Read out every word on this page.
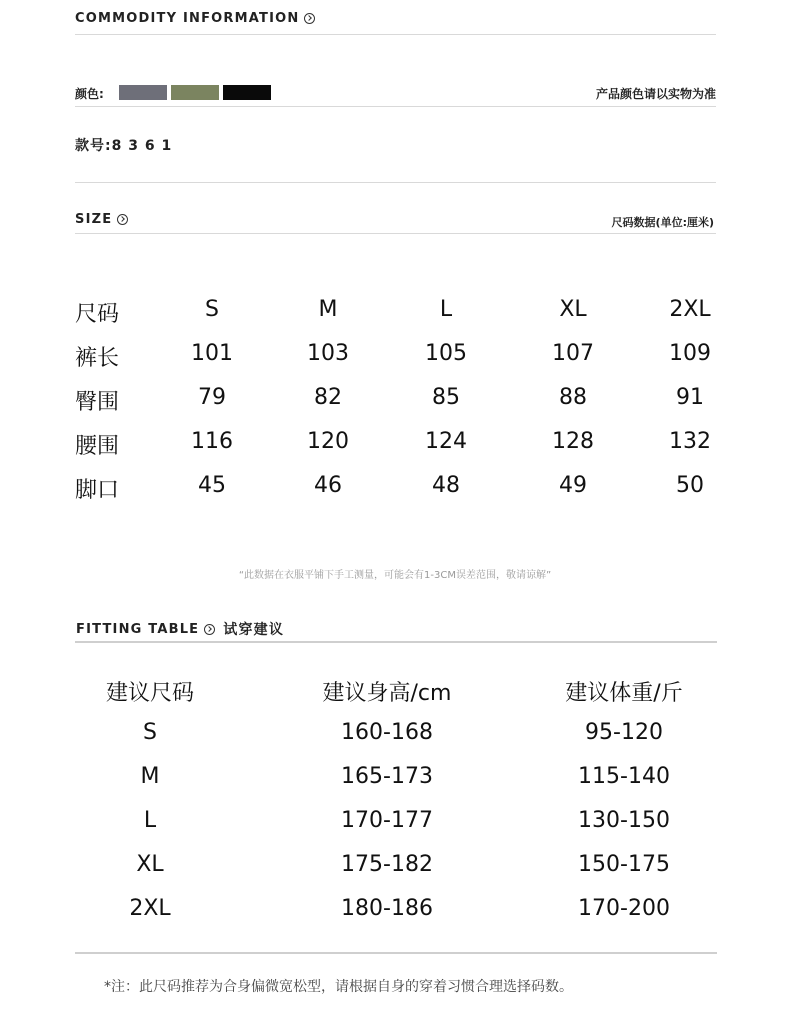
COMMODITY INFORMATION
颜色:	产品颜色请以实物为准
款号:8 3 6 1
SIZE	尺码数据(单位:厘米)
尺码	S	M	L	XL	2XL
裤长	101	103	105	107	109
臀围	79	82	85	88	91
腰围	116	120	124	128	132
脚口	45	46	48	49	50
“此数据在衣服平铺下手工测量，可能会有1-3CM误差范围，敬请谅解”
FITTING TABLE 试穿建议
建议尺码	建议身高/cm	建议体重/斤
S	160-168	95-120
M	165-173	115-140
L	170-177	130-150
XL	175-182	150-175
2XL	180-186	170-200
*注：此尺码推荐为合身偏微宽松型，请根据自身的穿着习惯合理选择码数。
